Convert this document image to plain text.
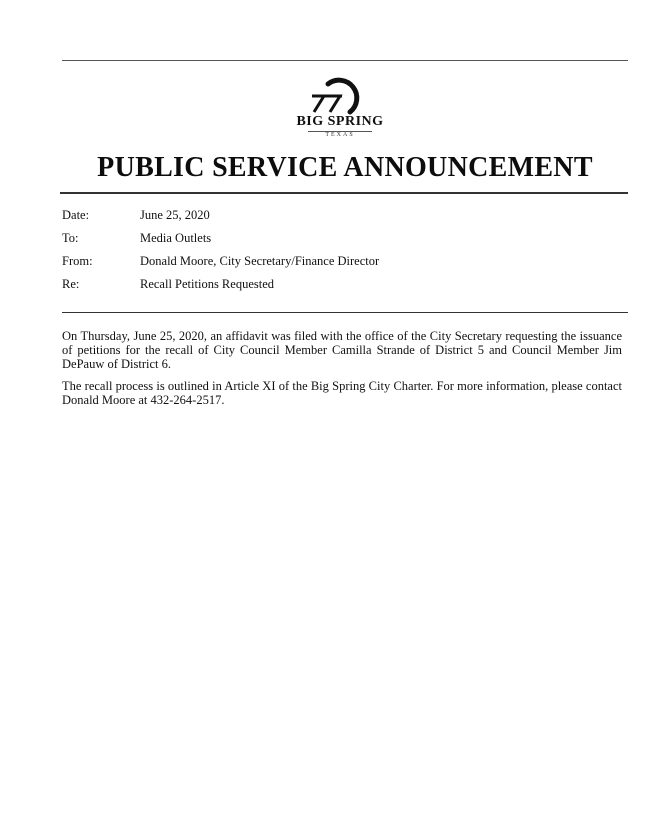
BIG SPRING
TEXAS
PUBLIC SERVICE ANNOUNCEMENT
Date:	June 25, 2020
To:	Media Outlets
From:	Donald Moore, City Secretary/Finance Director
Re:	Recall Petitions Requested

On Thursday, June 25, 2020, an affidavit was filed with the office of the City Secretary requesting the issuance of petitions for the recall of City Council Member Camilla Strande of District 5 and Council Member Jim DePauw of District 6.

The recall process is outlined in Article XI of the Big Spring City Charter. For more information, please contact Donald Moore at 432-264-2517.
